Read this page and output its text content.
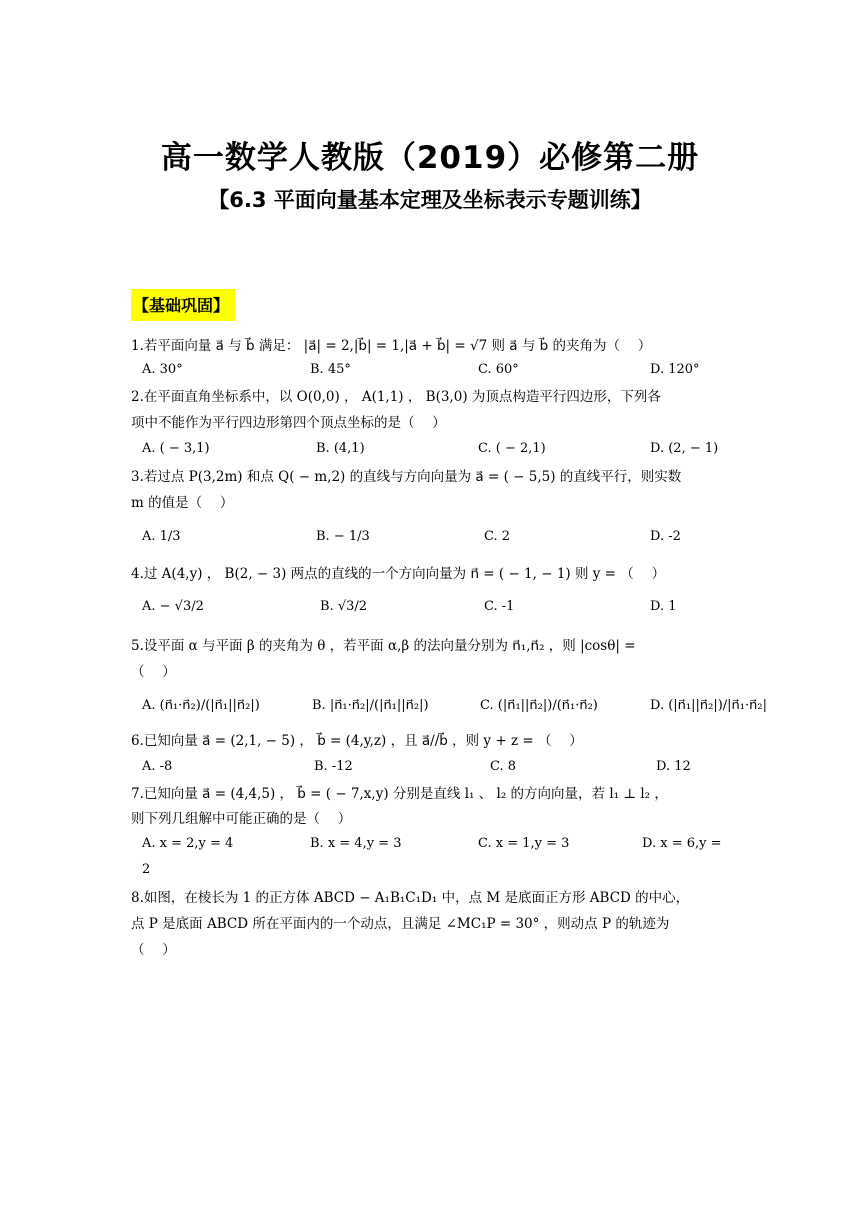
高一数学人教版（2019）必修第二册
【6.3 平面向量基本定理及坐标表示专题训练】
【基础巩固】
1.若平面向量 a⃗ 与 b⃗ 满足： |a⃗| = 2,|b⃗| = 1,|a⃗ + b⃗| = √7 则 a⃗ 与 b⃗ 的夹角为（　 ）
A. 30°	B. 45°	C. 60°	D. 120°
2.在平面直角坐标系中，以 O(0,0) ， A(1,1) ， B(3,0) 为顶点构造平行四边形，下列各
项中不能作为平行四边形第四个顶点坐标的是（　 ）
A. ( − 3,1)	B. (4,1)	C. ( − 2,1)	D. (2, − 1)
3.若过点 P(3,2m) 和点 Q( − m,2) 的直线与方向向量为 a⃗ = ( − 5,5) 的直线平行，则实数
m 的值是（　 ）
A. 1/3	B. − 1/3	C. 2	D. -2
4.过 A(4,y) ， B(2, − 3) 两点的直线的一个方向向量为 n⃗ = ( − 1, − 1) 则 y = （　 ）
A. − √3/2	B. √3/2	C. -1	D. 1
5.设平面 α 与平面 β 的夹角为 θ ，若平面 α,β 的法向量分别为 n⃗₁,n⃗₂ ，则 |cosθ| =
（　 ）
A. (n⃗₁·n⃗₂)/(|n⃗₁||n⃗₂|)	B. |n⃗₁·n⃗₂|/(|n⃗₁||n⃗₂|)	C. (|n⃗₁||n⃗₂|)/(n⃗₁·n⃗₂)	D. (|n⃗₁||n⃗₂|)/|n⃗₁·n⃗₂|
6.已知向量 a⃗ = (2,1, − 5) ， b⃗ = (4,y,z) ，且 a⃗//b⃗ ，则 y + z = （　 ）
A. -8	B. -12	C. 8	D. 12
7.已知向量 a⃗ = (4,4,5) ， b⃗ = ( − 7,x,y) 分别是直线 l₁ 、 l₂ 的方向向量，若 l₁ ⊥ l₂ ，
则下列几组解中可能正确的是（　 ）
A. x = 2,y = 4	B. x = 4,y = 3	C. x = 1,y = 3	D. x = 6,y =
2
8.如图，在棱长为 1 的正方体 ABCD − A₁B₁C₁D₁ 中，点 M 是底面正方形 ABCD 的中心，
点 P 是底面 ABCD 所在平面内的一个动点，且满足 ∠MC₁P = 30° ，则动点 P 的轨迹为
（　 ）
